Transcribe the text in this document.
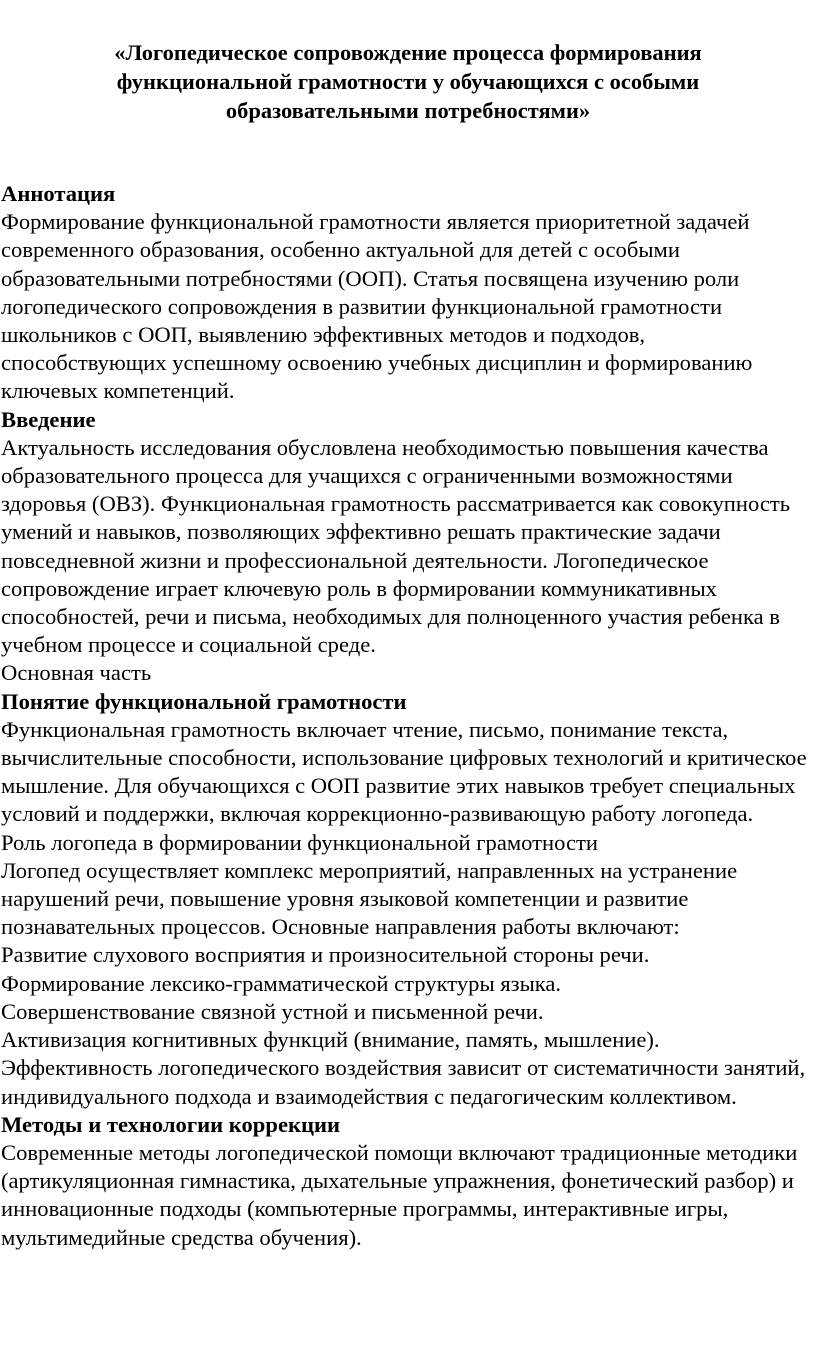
«Логопедическое сопровождение процесса формирования
функциональной грамотности у обучающихся с особыми
образовательными потребностями»
Аннотация

Формирование функциональной грамотности является приоритетной задачей современного образования, особенно актуальной для детей с особыми образовательными потребностями (ООП). Статья посвящена изучению роли логопедического сопровождения в развитии функциональной грамотности школьников с ООП, выявлению эффективных методов и подходов, способствующих успешному освоению учебных дисциплин и формированию ключевых компетенций.

Введение

Актуальность исследования обусловлена необходимостью повышения качества образовательного процесса для учащихся с ограниченными возможностями здоровья (ОВЗ). Функциональная грамотность рассматривается как совокупность умений и навыков, позволяющих эффективно решать практические задачи повседневной жизни и профессиональной деятельности. Логопедическое сопровождение играет ключевую роль в формировании коммуникативных способностей, речи и письма, необходимых для полноценного участия ребенка в учебном процессе и социальной среде.

Основная часть

Понятие функциональной грамотности

Функциональная грамотность включает чтение, письмо, понимание текста, вычислительные способности, использование цифровых технологий и критическое мышление. Для обучающихся с ООП развитие этих навыков требует специальных условий и поддержки, включая коррекционно-развивающую работу логопеда.

Роль логопеда в формировании функциональной грамотности

Логопед осуществляет комплекс мероприятий, направленных на устранение нарушений речи, повышение уровня языковой компетенции и развитие познавательных процессов. Основные направления работы включают:

Развитие слухового восприятия и произносительной стороны речи.

Формирование лексико-грамматической структуры языка.

Совершенствование связной устной и письменной речи.

Активизация когнитивных функций (внимание, память, мышление).

Эффективность логопедического воздействия зависит от систематичности занятий, индивидуального подхода и взаимодействия с педагогическим коллективом.

Методы и технологии коррекции

Современные методы логопедической помощи включают традиционные методики (артикуляционная гимнастика, дыхательные упражнения, фонетический разбор) и инновационные подходы (компьютерные программы, интерактивные игры, мультимедийные средства обучения).
